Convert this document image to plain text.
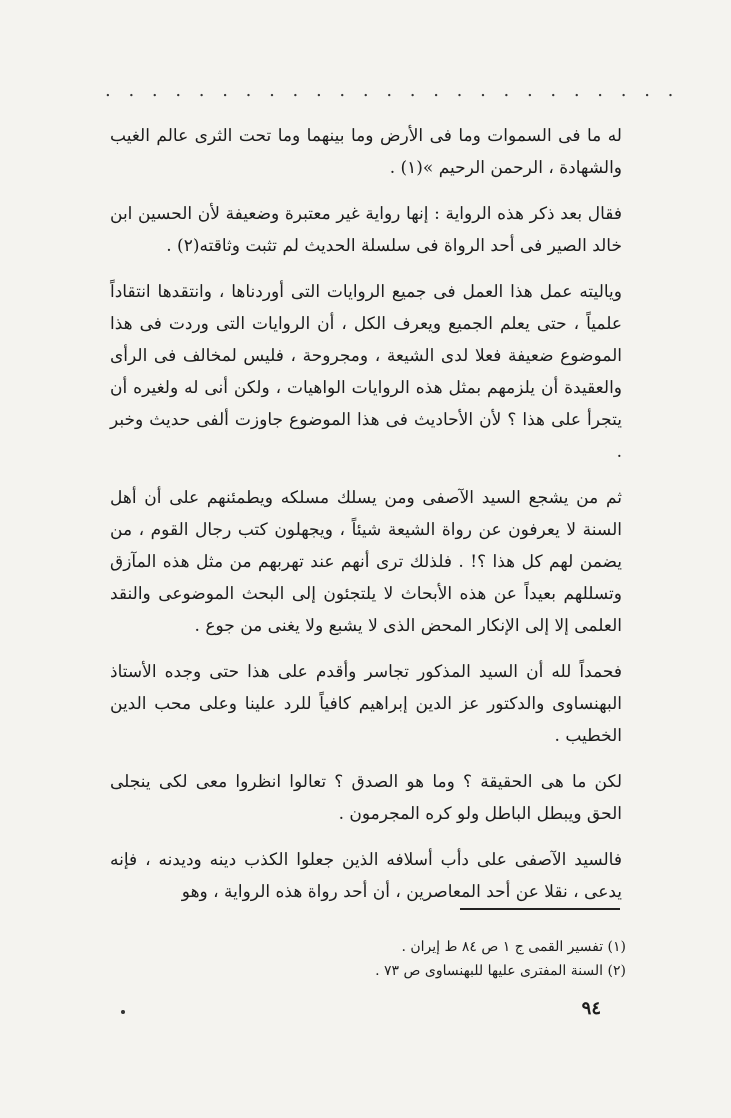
. . . . . . . . . . . . . . . . . . . . . . . . .

له ما فى السموات وما فى الأرض وما بينهما وما تحت الثرى عالم الغيب والشهادة ، الرحمن الرحيم »(١) .

فقال بعد ذكر هذه الرواية : إنها رواية غير معتبرة وضعيفة لأن الحسين ابن خالد الصير فى أحد الرواة فى سلسلة الحديث لم تثبت وثاقته(٢) .

وياليته عمل هذا العمل فى جميع الروايات التى أوردناها ، وانتقدها انتقاداً علمياً ، حتى يعلم الجميع ويعرف الكل ، أن الروايات التى وردت فى هذا الموضوع ضعيفة فعلا لدى الشيعة ، ومجروحة ، فليس لمخالف فى الرأى والعقيدة أن يلزمهم بمثل هذه الروايات الواهيات ، ولكن أنى له ولغيره أن يتجرأ على هذا ؟ لأن الأحاديث فى هذا الموضوع جاوزت ألفى حديث وخبر .

ثم من يشجع السيد الآصفى ومن يسلك مسلكه ويطمئنهم على أن أهل السنة لا يعرفون عن رواة الشيعة شيئاً ، ويجهلون كتب رجال القوم ، من يضمن لهم كل هذا ؟! . فلذلك ترى أنهم عند تهربهم من مثل هذه المآزق وتسللهم بعيداً عن هذه الأبحاث لا يلتجئون إلى البحث الموضوعى والنقد العلمى إلا إلى الإنكار المحض الذى لا يشبع ولا يغنى من جوع .

فحمداً لله أن السيد المذكور تجاسر وأقدم على هذا حتى وجده الأستاذ البهنساوى والدكتور عز الدين إبراهيم كافياً للرد علينا وعلى محب الدين الخطيب .

لكن ما هى الحقيقة ؟ وما هو الصدق ؟ تعالوا انظروا معى لكى ينجلى الحق ويبطل الباطل ولو كره المجرمون .

فالسيد الآصفى على دأب أسلافه الذين جعلوا الكذب دينه وديدنه ، فإنه يدعى ، نقلا عن أحد المعاصرين ، أن أحد رواة هذه الرواية ، وهو

(١) تفسير القمى ج ١ ص ٨٤ ط إيران .
(٢) السنة المفترى عليها للبهنساوى ص ٧٣ .
٩٤
